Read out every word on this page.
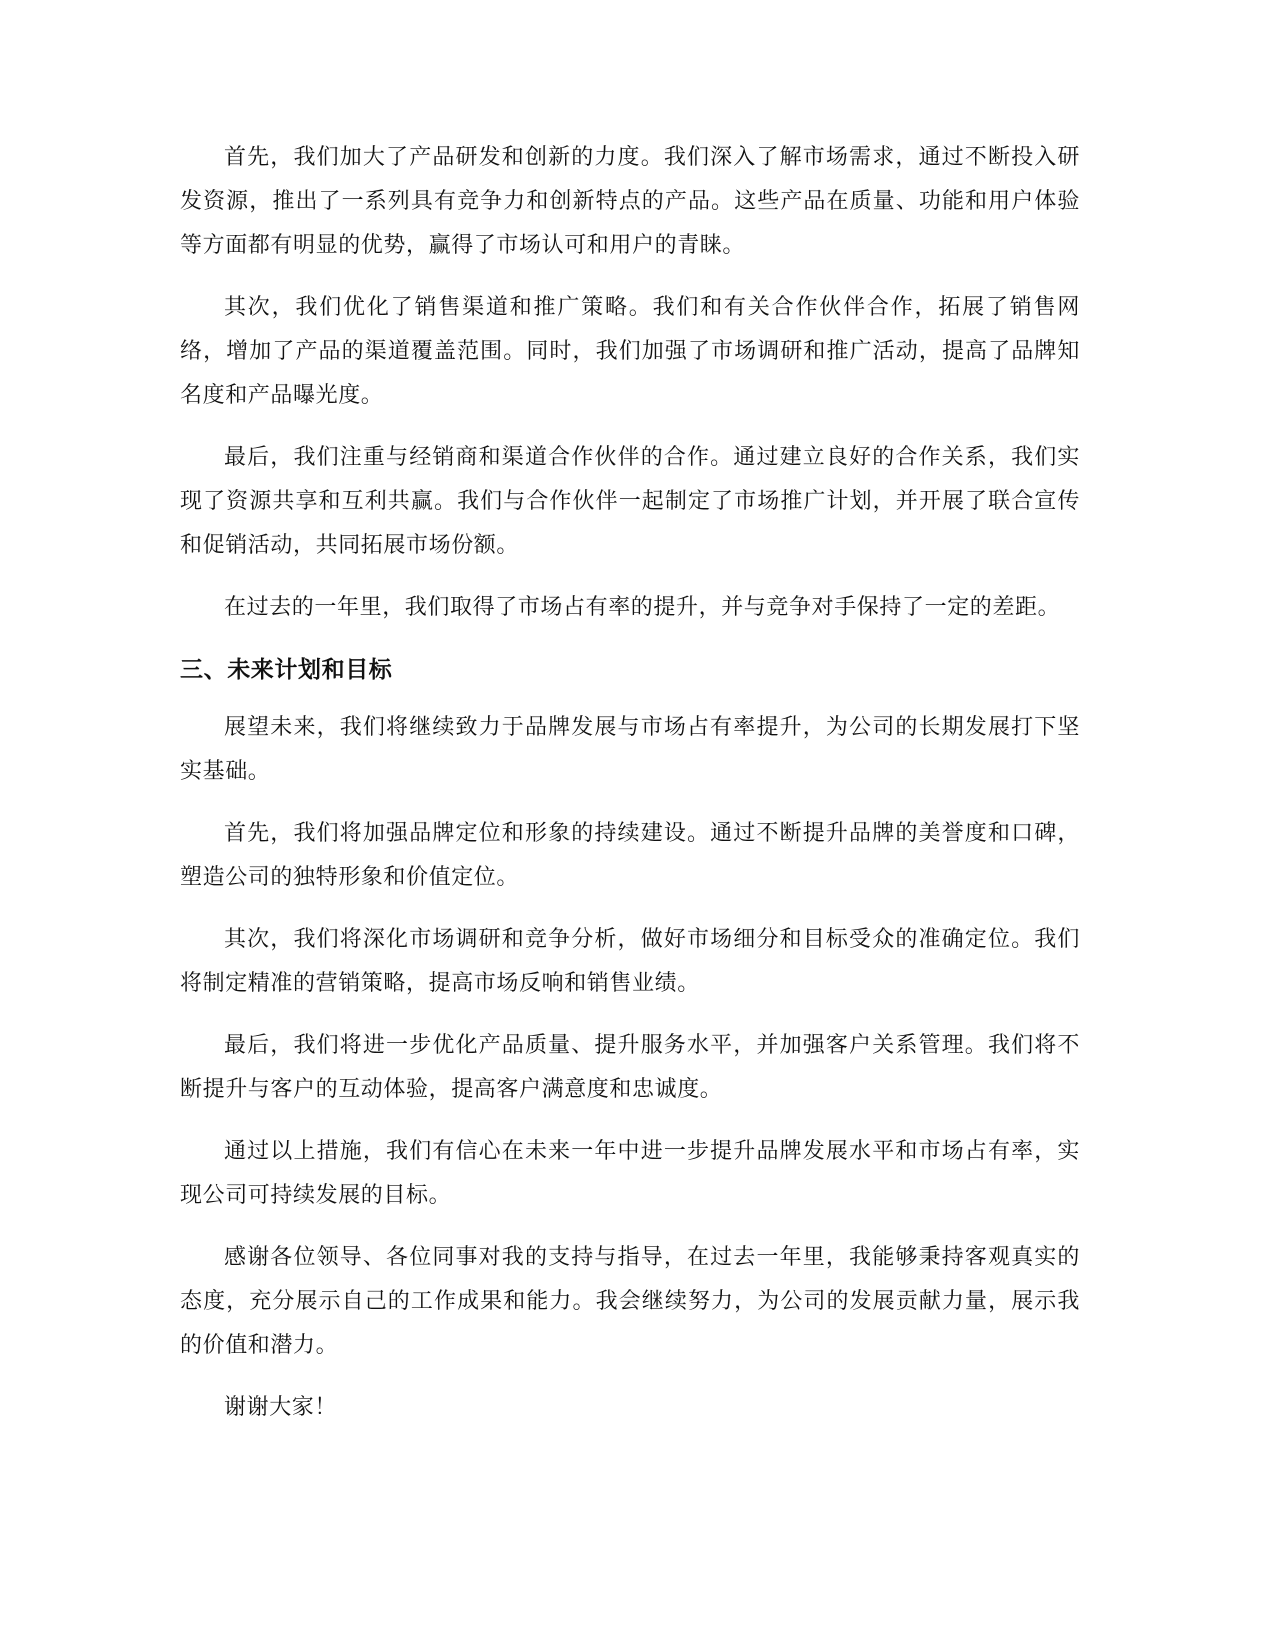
首先，我们加大了产品研发和创新的力度。我们深入了解市场需求，通过不断投入研发资源，推出了一系列具有竞争力和创新特点的产品。这些产品在质量、功能和用户体验等方面都有明显的优势，赢得了市场认可和用户的青睐。

其次，我们优化了销售渠道和推广策略。我们和有关合作伙伴合作，拓展了销售网络，增加了产品的渠道覆盖范围。同时，我们加强了市场调研和推广活动，提高了品牌知名度和产品曝光度。

最后，我们注重与经销商和渠道合作伙伴的合作。通过建立良好的合作关系，我们实现了资源共享和互利共赢。我们与合作伙伴一起制定了市场推广计划，并开展了联合宣传和促销活动，共同拓展市场份额。

在过去的一年里，我们取得了市场占有率的提升，并与竞争对手保持了一定的差距。

三、未来计划和目标

展望未来，我们将继续致力于品牌发展与市场占有率提升，为公司的长期发展打下坚实基础。

首先，我们将加强品牌定位和形象的持续建设。通过不断提升品牌的美誉度和口碑，塑造公司的独特形象和价值定位。

其次，我们将深化市场调研和竞争分析，做好市场细分和目标受众的准确定位。我们将制定精准的营销策略，提高市场反响和销售业绩。

最后，我们将进一步优化产品质量、提升服务水平，并加强客户关系管理。我们将不断提升与客户的互动体验，提高客户满意度和忠诚度。

通过以上措施，我们有信心在未来一年中进一步提升品牌发展水平和市场占有率，实现公司可持续发展的目标。

感谢各位领导、各位同事对我的支持与指导，在过去一年里，我能够秉持客观真实的态度，充分展示自己的工作成果和能力。我会继续努力，为公司的发展贡献力量，展示我的价值和潜力。

谢谢大家！
